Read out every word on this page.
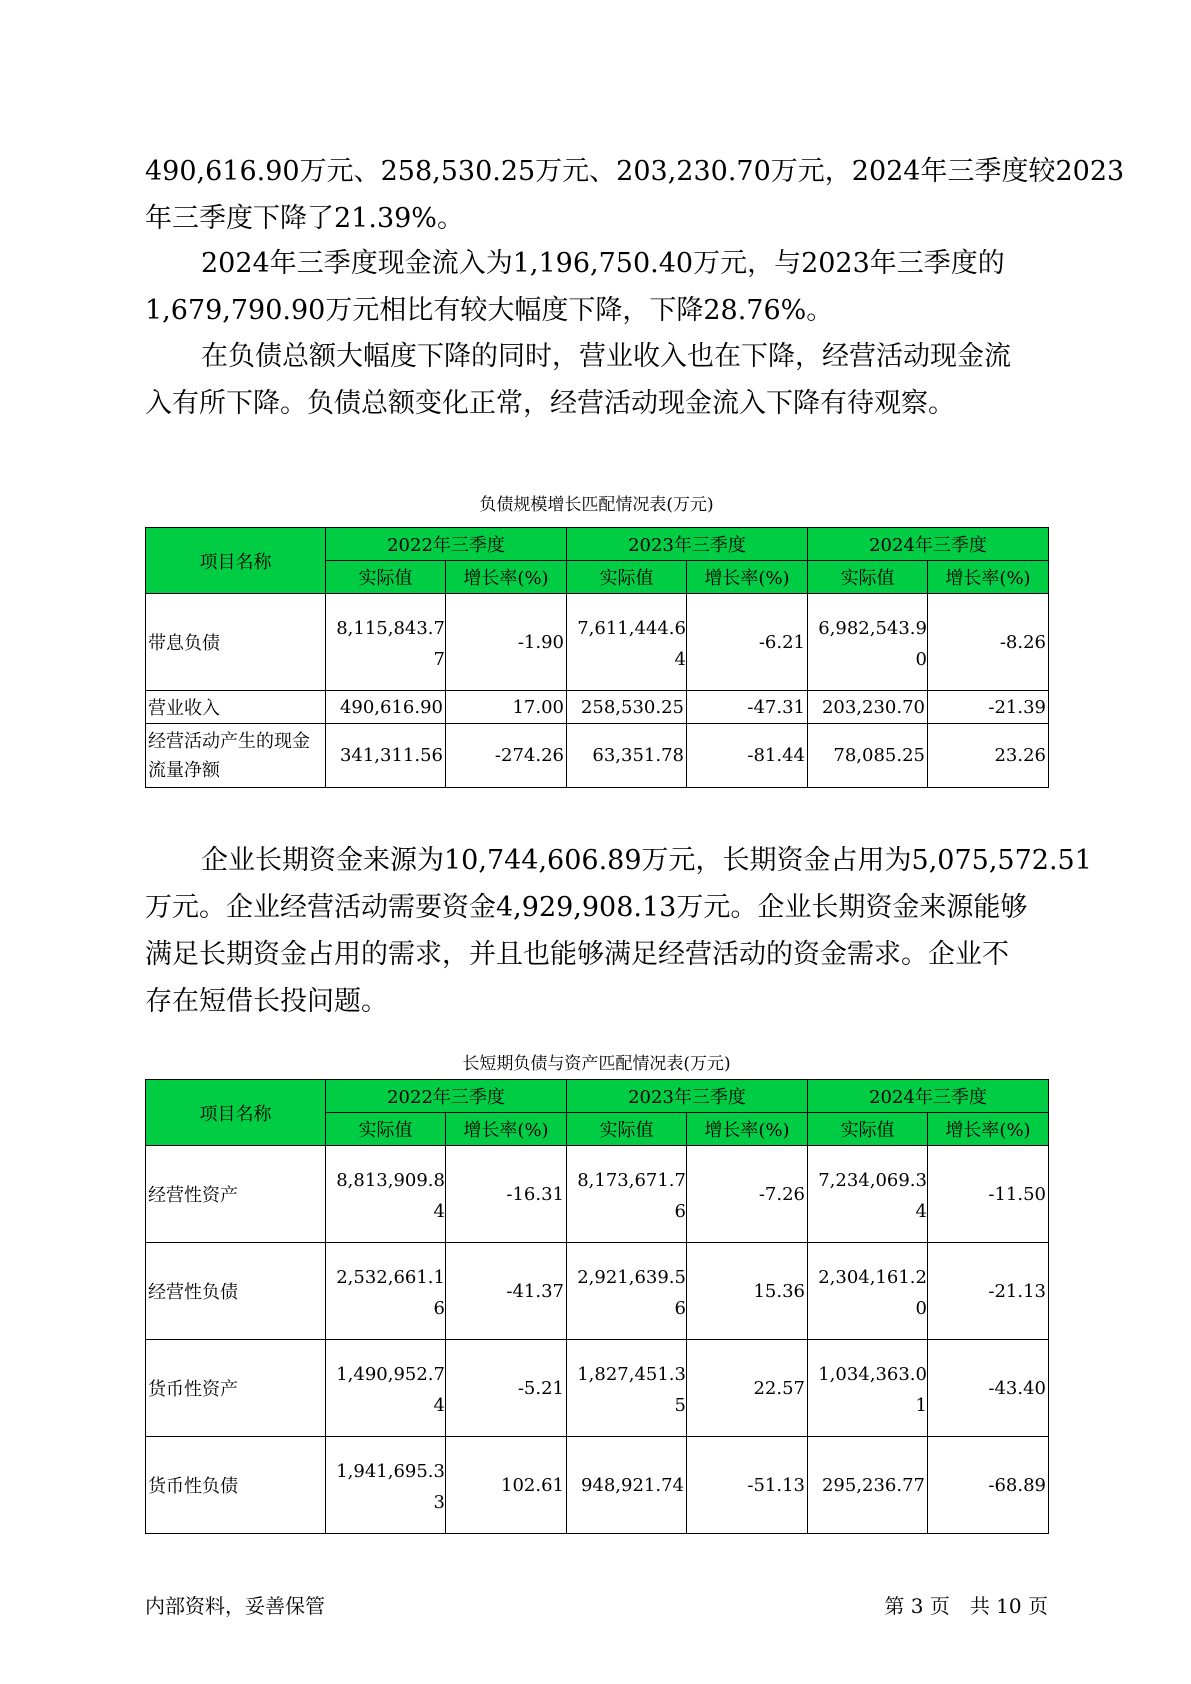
490,616.90万元、258,530.25万元、203,230.70万元，2024年三季度较2023
年三季度下降了21.39%。
2024年三季度现金流入为1,196,750.40万元，与2023年三季度的
1,679,790.90万元相比有较大幅度下降，下降28.76%。
在负债总额大幅度下降的同时，营业收入也在下降，经营活动现金流
入有所下降。负债总额变化正常，经营活动现金流入下降有待观察。
负债规模增长匹配情况表(万元)
项目名称	2022年三季度		2023年三季度		2024年三季度	
	实际值	增长率(%)	实际值	增长率(%)	实际值	增长率(%)
带息负债	8,115,843.77	-1.90	7,611,444.64	-6.21	6,982,543.90	-8.26
营业收入	490,616.90	17.00	258,530.25	-47.31	203,230.70	-21.39
经营活动产生的现金流量净额	341,311.56	-274.26	63,351.78	-81.44	78,085.25	23.26
企业长期资金来源为10,744,606.89万元，长期资金占用为5,075,572.51
万元。企业经营活动需要资金4,929,908.13万元。企业长期资金来源能够
满足长期资金占用的需求，并且也能够满足经营活动的资金需求。企业不
存在短借长投问题。
长短期负债与资产匹配情况表(万元)
项目名称	2022年三季度		2023年三季度		2024年三季度	
	实际值	增长率(%)	实际值	增长率(%)	实际值	增长率(%)
经营性资产	8,813,909.84	-16.31	8,173,671.76	-7.26	7,234,069.34	-11.50
经营性负债	2,532,661.16	-41.37	2,921,639.56	15.36	2,304,161.20	-21.13
货币性资产	1,490,952.74	-5.21	1,827,451.35	22.57	1,034,363.01	-43.40
货币性负债	1,941,695.33	102.61	948,921.74	-51.13	295,236.77	-68.89
内部资料，妥善保管	第 3 页　共 10 页
